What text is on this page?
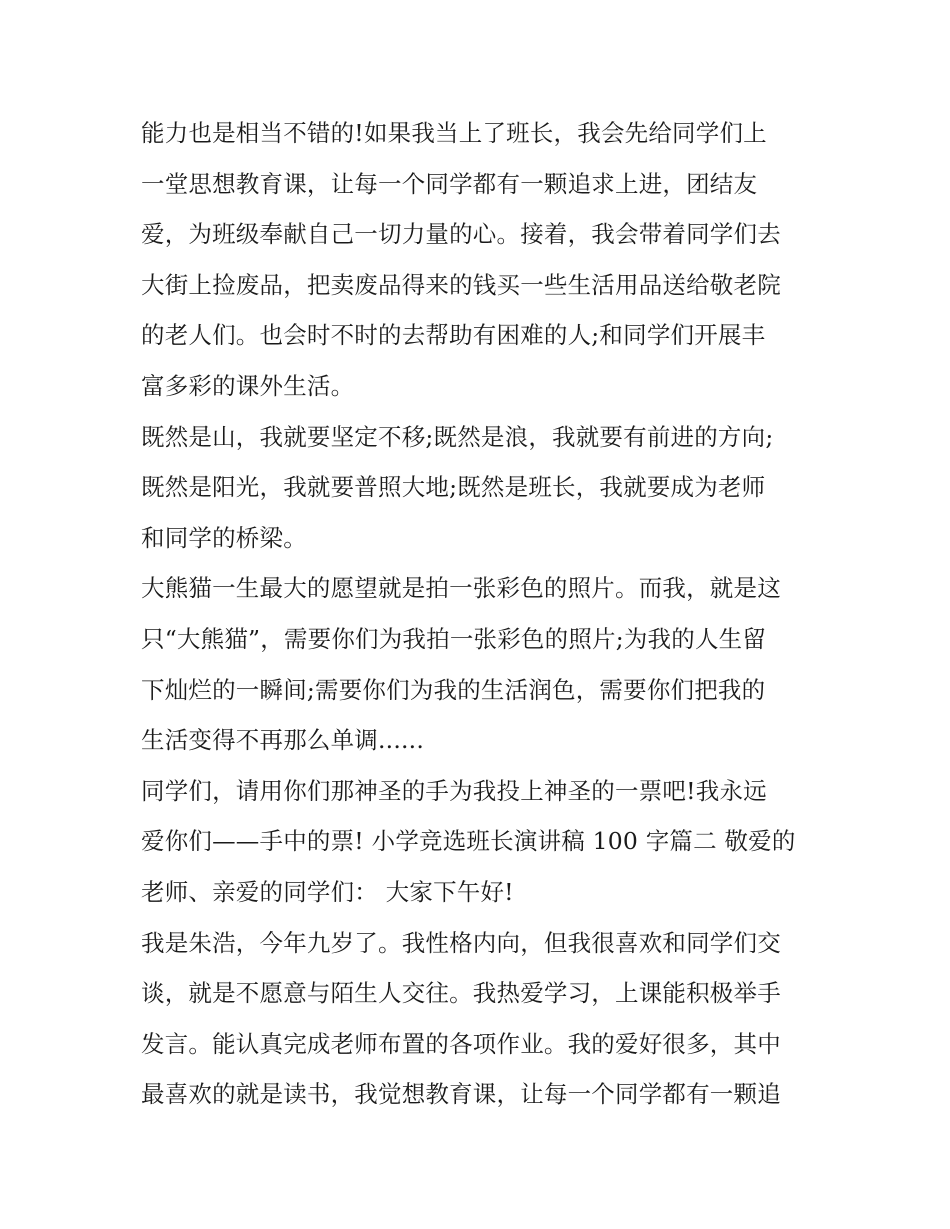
能力也是相当不错的!如果我当上了班长，我会先给同学们上
一堂思想教育课，让每一个同学都有一颗追求上进，团结友
爱，为班级奉献自己一切力量的心。接着，我会带着同学们去
大街上捡废品，把卖废品得来的钱买一些生活用品送给敬老院
的老人们。也会时不时的去帮助有困难的人;和同学们开展丰
富多彩的课外生活。
既然是山，我就要坚定不移;既然是浪，我就要有前进的方向;
既然是阳光，我就要普照大地;既然是班长，我就要成为老师
和同学的桥梁。
大熊猫一生最大的愿望就是拍一张彩色的照片。而我，就是这
只“大熊猫”，需要你们为我拍一张彩色的照片;为我的人生留
下灿烂的一瞬间;需要你们为我的生活润色，需要你们把我的
生活变得不再那么单调......
同学们，请用你们那神圣的手为我投上神圣的一票吧!我永远
爱你们——手中的票! 小学竞选班长演讲稿 100 字篇二 敬爱的
老师、亲爱的同学们： 大家下午好!
我是朱浩，今年九岁了。我性格内向，但我很喜欢和同学们交
谈，就是不愿意与陌生人交往。我热爱学习，上课能积极举手
发言。能认真完成老师布置的各项作业。我的爱好很多，其中
最喜欢的就是读书，我觉想教育课，让每一个同学都有一颗追
